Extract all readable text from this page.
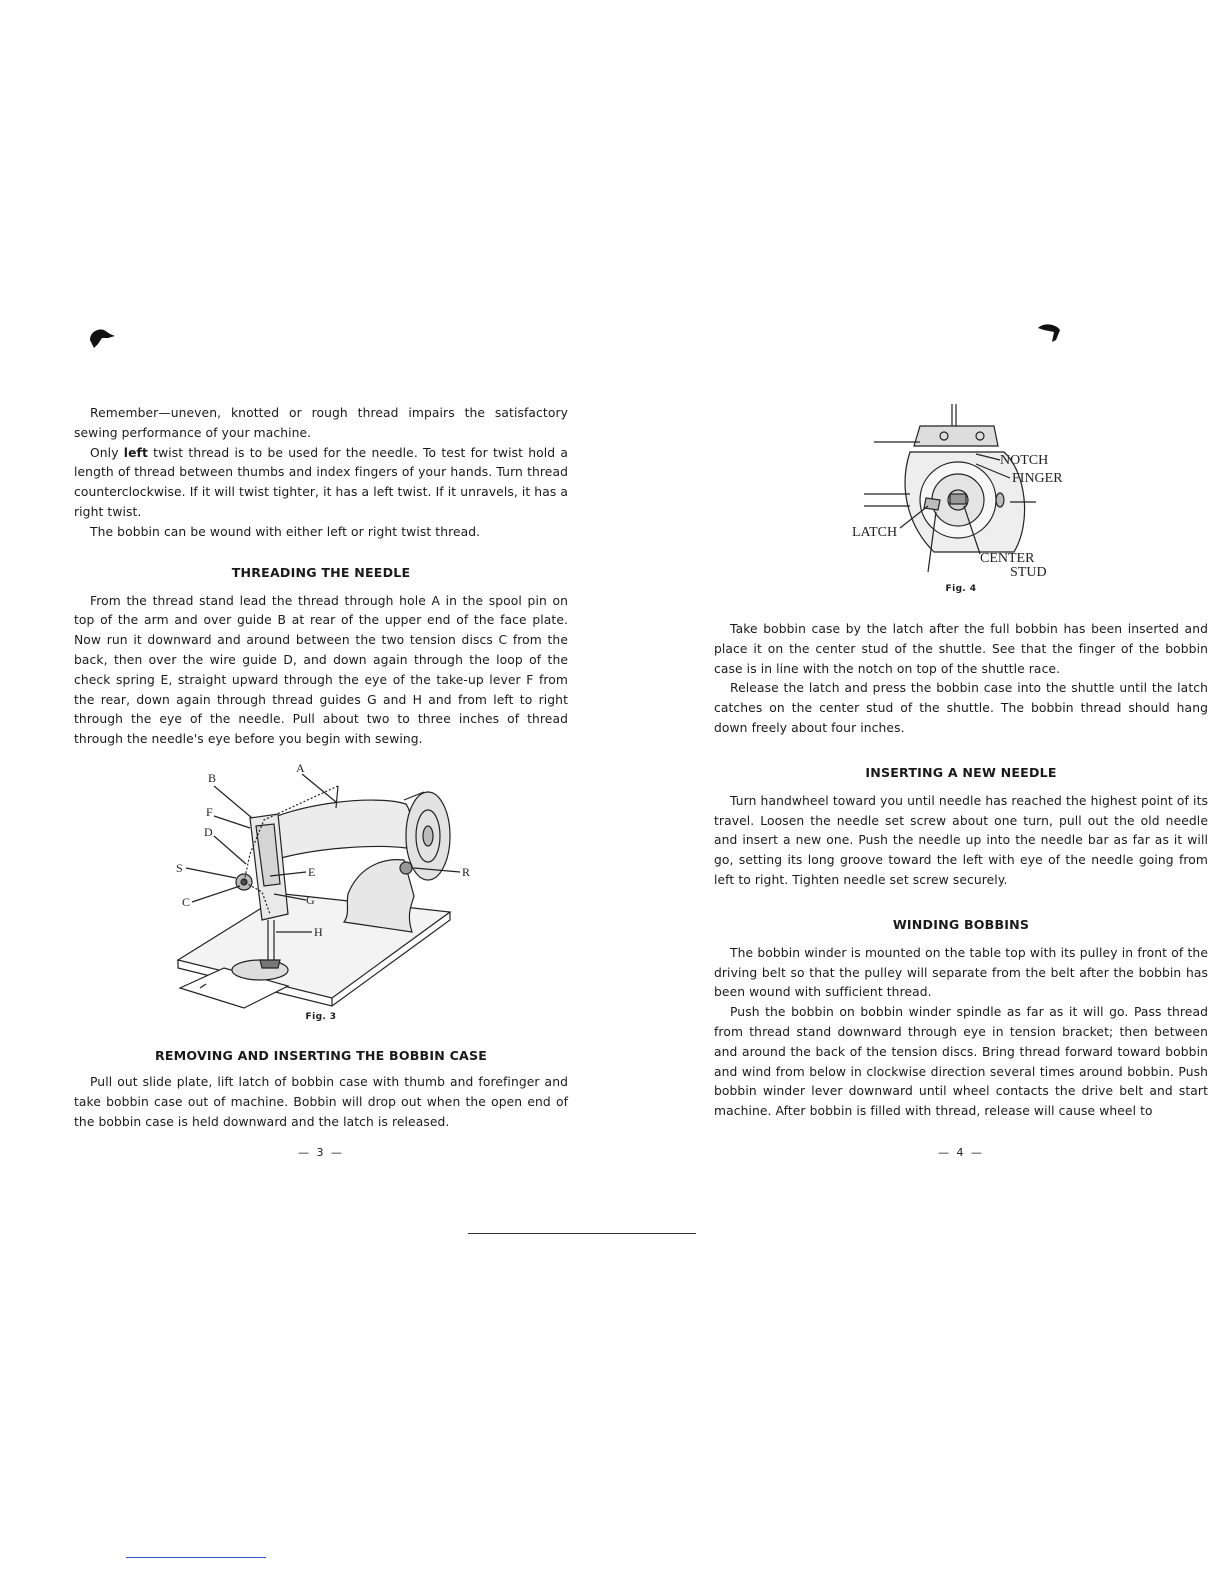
Remember—uneven, knotted or rough thread impairs the satisfactory sewing performance of your machine.

Only left twist thread is to be used for the needle. To test for twist hold a length of thread between thumbs and index fingers of your hands. Turn thread counterclockwise. If it will twist tighter, it has a left twist. If it unravels, it has a right twist.

The bobbin can be wound with either left or right twist thread.

THREADING THE NEEDLE

From the thread stand lead the thread through hole A in the spool pin on top of the arm and over guide B at rear of the upper end of the face plate. Now run it downward and around between the two tension discs C from the back, then over the wire guide D, and down again through the loop of the check spring E, straight upward through the eye of the take-up lever F from the rear, down again through thread guides G and H and from left to right through the eye of the needle. Pull about two to three inches of thread through the needle's eye before you begin with sewing.

B
A
F
D
S
C
E
G
H
R
Fig. 3
REMOVING AND INSERTING THE BOBBIN CASE

Pull out slide plate, lift latch of bobbin case with thumb and forefinger and take bobbin case out of machine. Bobbin will drop out when the open end of the bobbin case is held downward and the latch is released.

— 3 —
NOTCH
FINGER
LATCH
CENTER
STUD
Fig. 4

Take bobbin case by the latch after the full bobbin has been inserted and place it on the center stud of the shuttle. See that the finger of the bobbin case is in line with the notch on top of the shuttle race.

Release the latch and press the bobbin case into the shuttle until the latch catches on the center stud of the shuttle. The bobbin thread should hang down freely about four inches.

INSERTING A NEW NEEDLE

Turn handwheel toward you until needle has reached the highest point of its travel. Loosen the needle set screw about one turn, pull out the old needle and insert a new one. Push the needle up into the needle bar as far as it will go, setting its long groove toward the left with eye of the needle going from left to right. Tighten needle set screw securely.

WINDING BOBBINS

The bobbin winder is mounted on the table top with its pulley in front of the driving belt so that the pulley will separate from the belt after the bobbin has been wound with sufficient thread.

Push the bobbin on bobbin winder spindle as far as it will go. Pass thread from thread stand downward through eye in tension bracket; then between and around the back of the tension discs. Bring thread forward toward bobbin and wind from below in clockwise direction several times around bobbin. Push bobbin winder lever downward until wheel contacts the drive belt and start machine. After bobbin is filled with thread, release will cause wheel to

— 4 —
